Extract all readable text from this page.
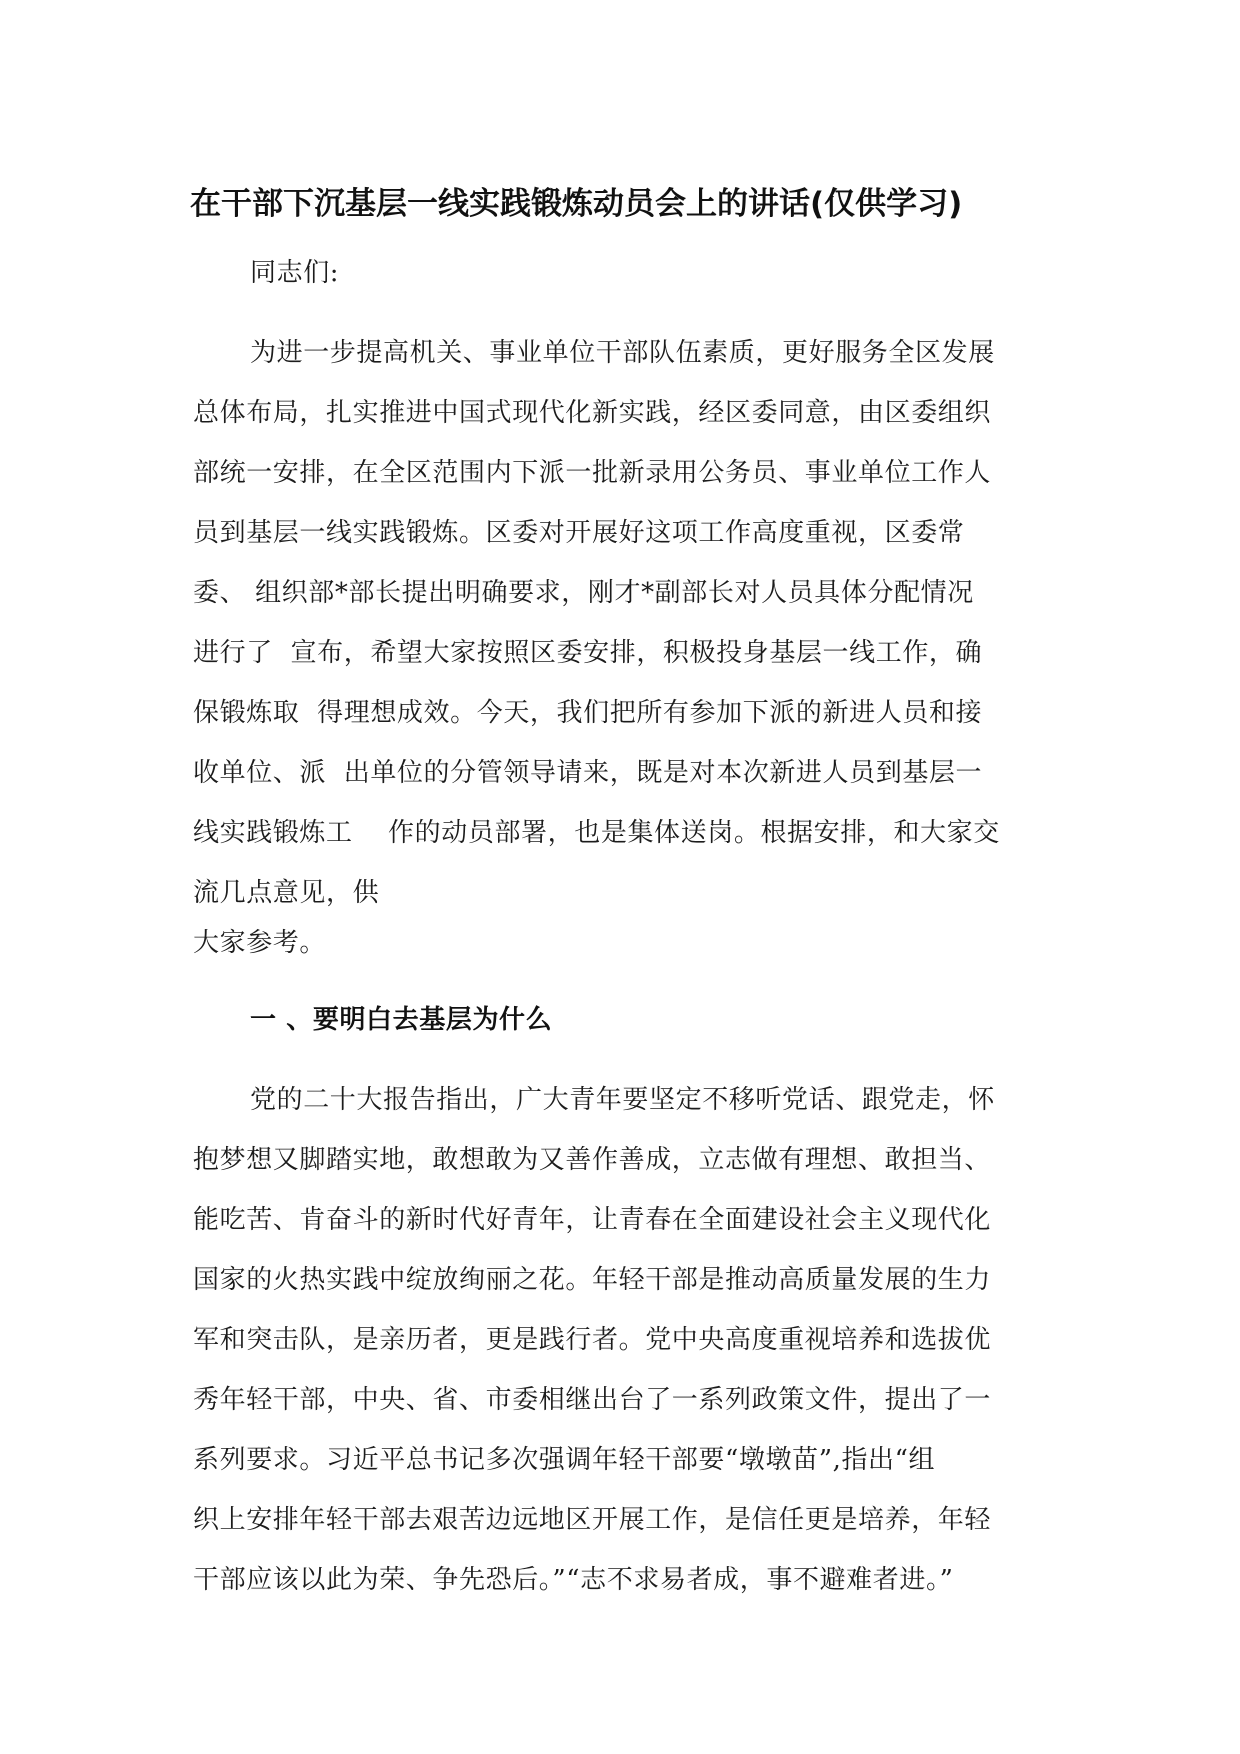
在干部下沉基层一线实践锻炼动员会上的讲话(仅供学习)
同志们:
为进一步提高机关、事业单位干部队伍素质，更好服务全区发展
总体布局，扎实推进中国式现代化新实践，经区委同意，由区委组织
部统一安排，在全区范围内下派一批新录用公务员、事业单位工作人
员到基层一线实践锻炼。区委对开展好这项工作高度重视，区委常
委、 组织部*部长提出明确要求，刚才*副部长对人员具体分配情况
进行了  宣布，希望大家按照区委安排，积极投身基层一线工作，确
保锻炼取  得理想成效。今天，我们把所有参加下派的新进人员和接
收单位、派  出单位的分管领导请来，既是对本次新进人员到基层一
线实践锻炼工    作的动员部署，也是集体送岗。根据安排，和大家交
流几点意见，供
大家参考。
一 、要明白去基层为什么
党的二十大报告指出，广大青年要坚定不移听党话、跟党走，怀
抱梦想又脚踏实地，敢想敢为又善作善成，立志做有理想、敢担当、
能吃苦、肯奋斗的新时代好青年，让青春在全面建设社会主义现代化
国家的火热实践中绽放绚丽之花。年轻干部是推动高质量发展的生力
军和突击队，是亲历者，更是践行者。党中央高度重视培养和选拔优
秀年轻干部，中央、省、市委相继出台了一系列政策文件，提出了一
系列要求。习近平总书记多次强调年轻干部要“墩墩苗”,指出“组
织上安排年轻干部去艰苦边远地区开展工作，是信任更是培养，年轻
干部应该以此为荣、争先恐后。”“志不求易者成，事不避难者进。”
